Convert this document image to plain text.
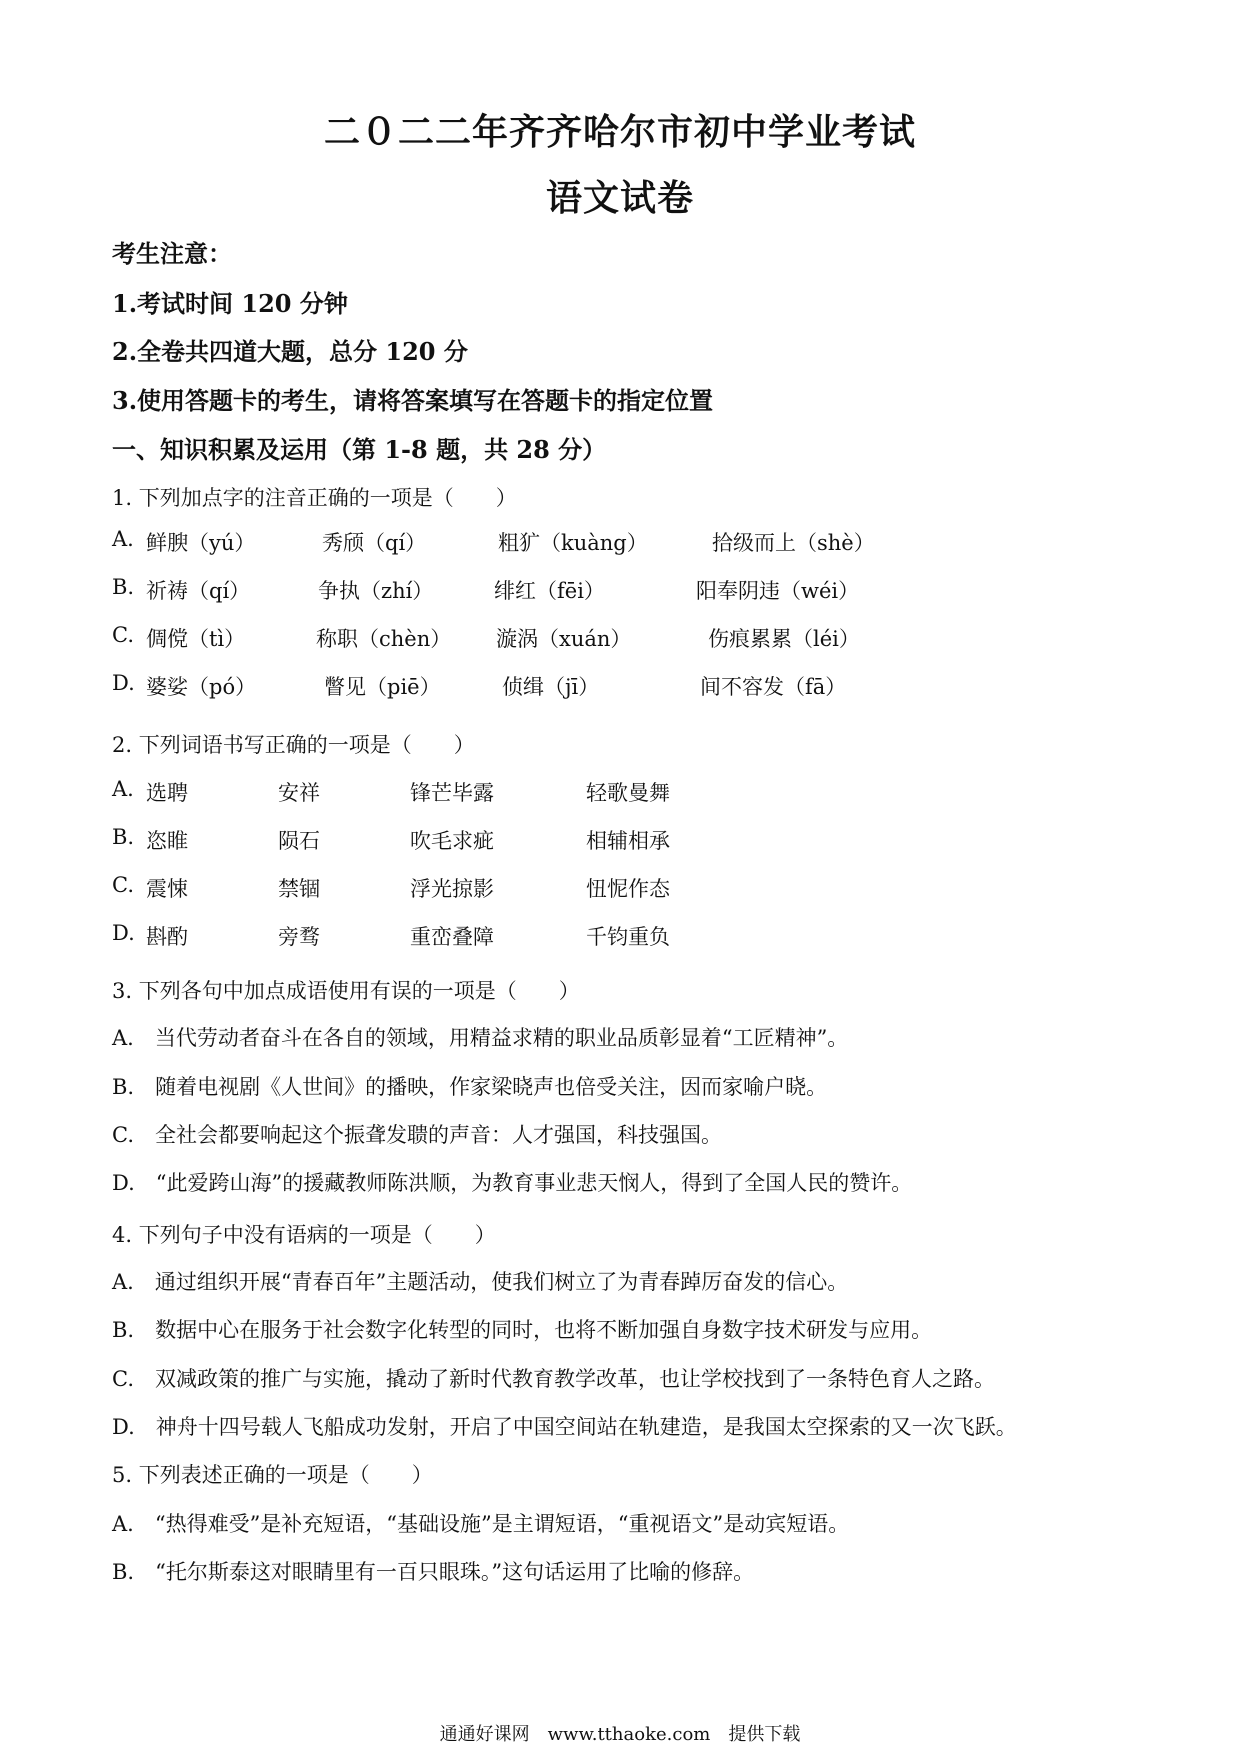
二０二二年齐齐哈尔市初中学业考试
语文试卷
考生注意：
1.考试时间 120 分钟
2.全卷共四道大题，总分 120 分
3.使用答题卡的考生，请将答案填写在答题卡的指定位置
一、知识积累及运用（第 1-8 题，共 28 分）
1. 下列加点字的注音正确的一项是（　　）
A. 鲜腴（yú）	秀颀（qí）	粗犷（kuàng）	拾级而上（shè）
B. 祈祷（qí）	争执（zhí）	绯红（fēi）	阳奉阴违（wéi）
C. 倜傥（tì）	称职（chèn） 漩涡（xuán）	伤痕累累（léi）
D. 婆娑（pó）	瞥见（piē）	侦缉（jī）	间不容发（fā）
2. 下列词语书写正确的一项是（　　）
A. 选聘	安祥	锋芒毕露	轻歌曼舞
B. 恣睢	陨石	吹毛求疵	相辅相承
C. 震悚	禁锢	浮光掠影	忸怩作态
D. 斟酌	旁骛	重峦叠障	千钧重负
3. 下列各句中加点成语使用有误的一项是（　　）
A.　当代劳动者奋斗在各自的领域，用精益求精的职业品质彰显着“工匠精神”。
B.　随着电视剧《人世间》的播映，作家梁晓声也倍受关注，因而家喻户晓。
C.　全社会都要响起这个振聋发聩的声音：人才强国，科技强国。
D.　“此爱跨山海”的援藏教师陈洪顺，为教育事业悲天悯人，得到了全国人民的赞许。
4. 下列句子中没有语病的一项是（　　）
A.　通过组织开展“青春百年”主题活动，使我们树立了为青春踔厉奋发的信心。
B.　数据中心在服务于社会数字化转型的同时，也将不断加强自身数字技术研发与应用。
C.　双减政策的推广与实施，撬动了新时代教育教学改革，也让学校找到了一条特色育人之路。
D.　神舟十四号载人飞船成功发射，开启了中国空间站在轨建造，是我国太空探索的又一次飞跃。
5. 下列表述正确的一项是（　　）
A.　“热得难受”是补充短语，“基础设施”是主谓短语，“重视语文”是动宾短语。
B.　“托尔斯泰这对眼睛里有一百只眼珠。”这句话运用了比喻的修辞。
通通好课网　www.tthaoke.com　提供下载
